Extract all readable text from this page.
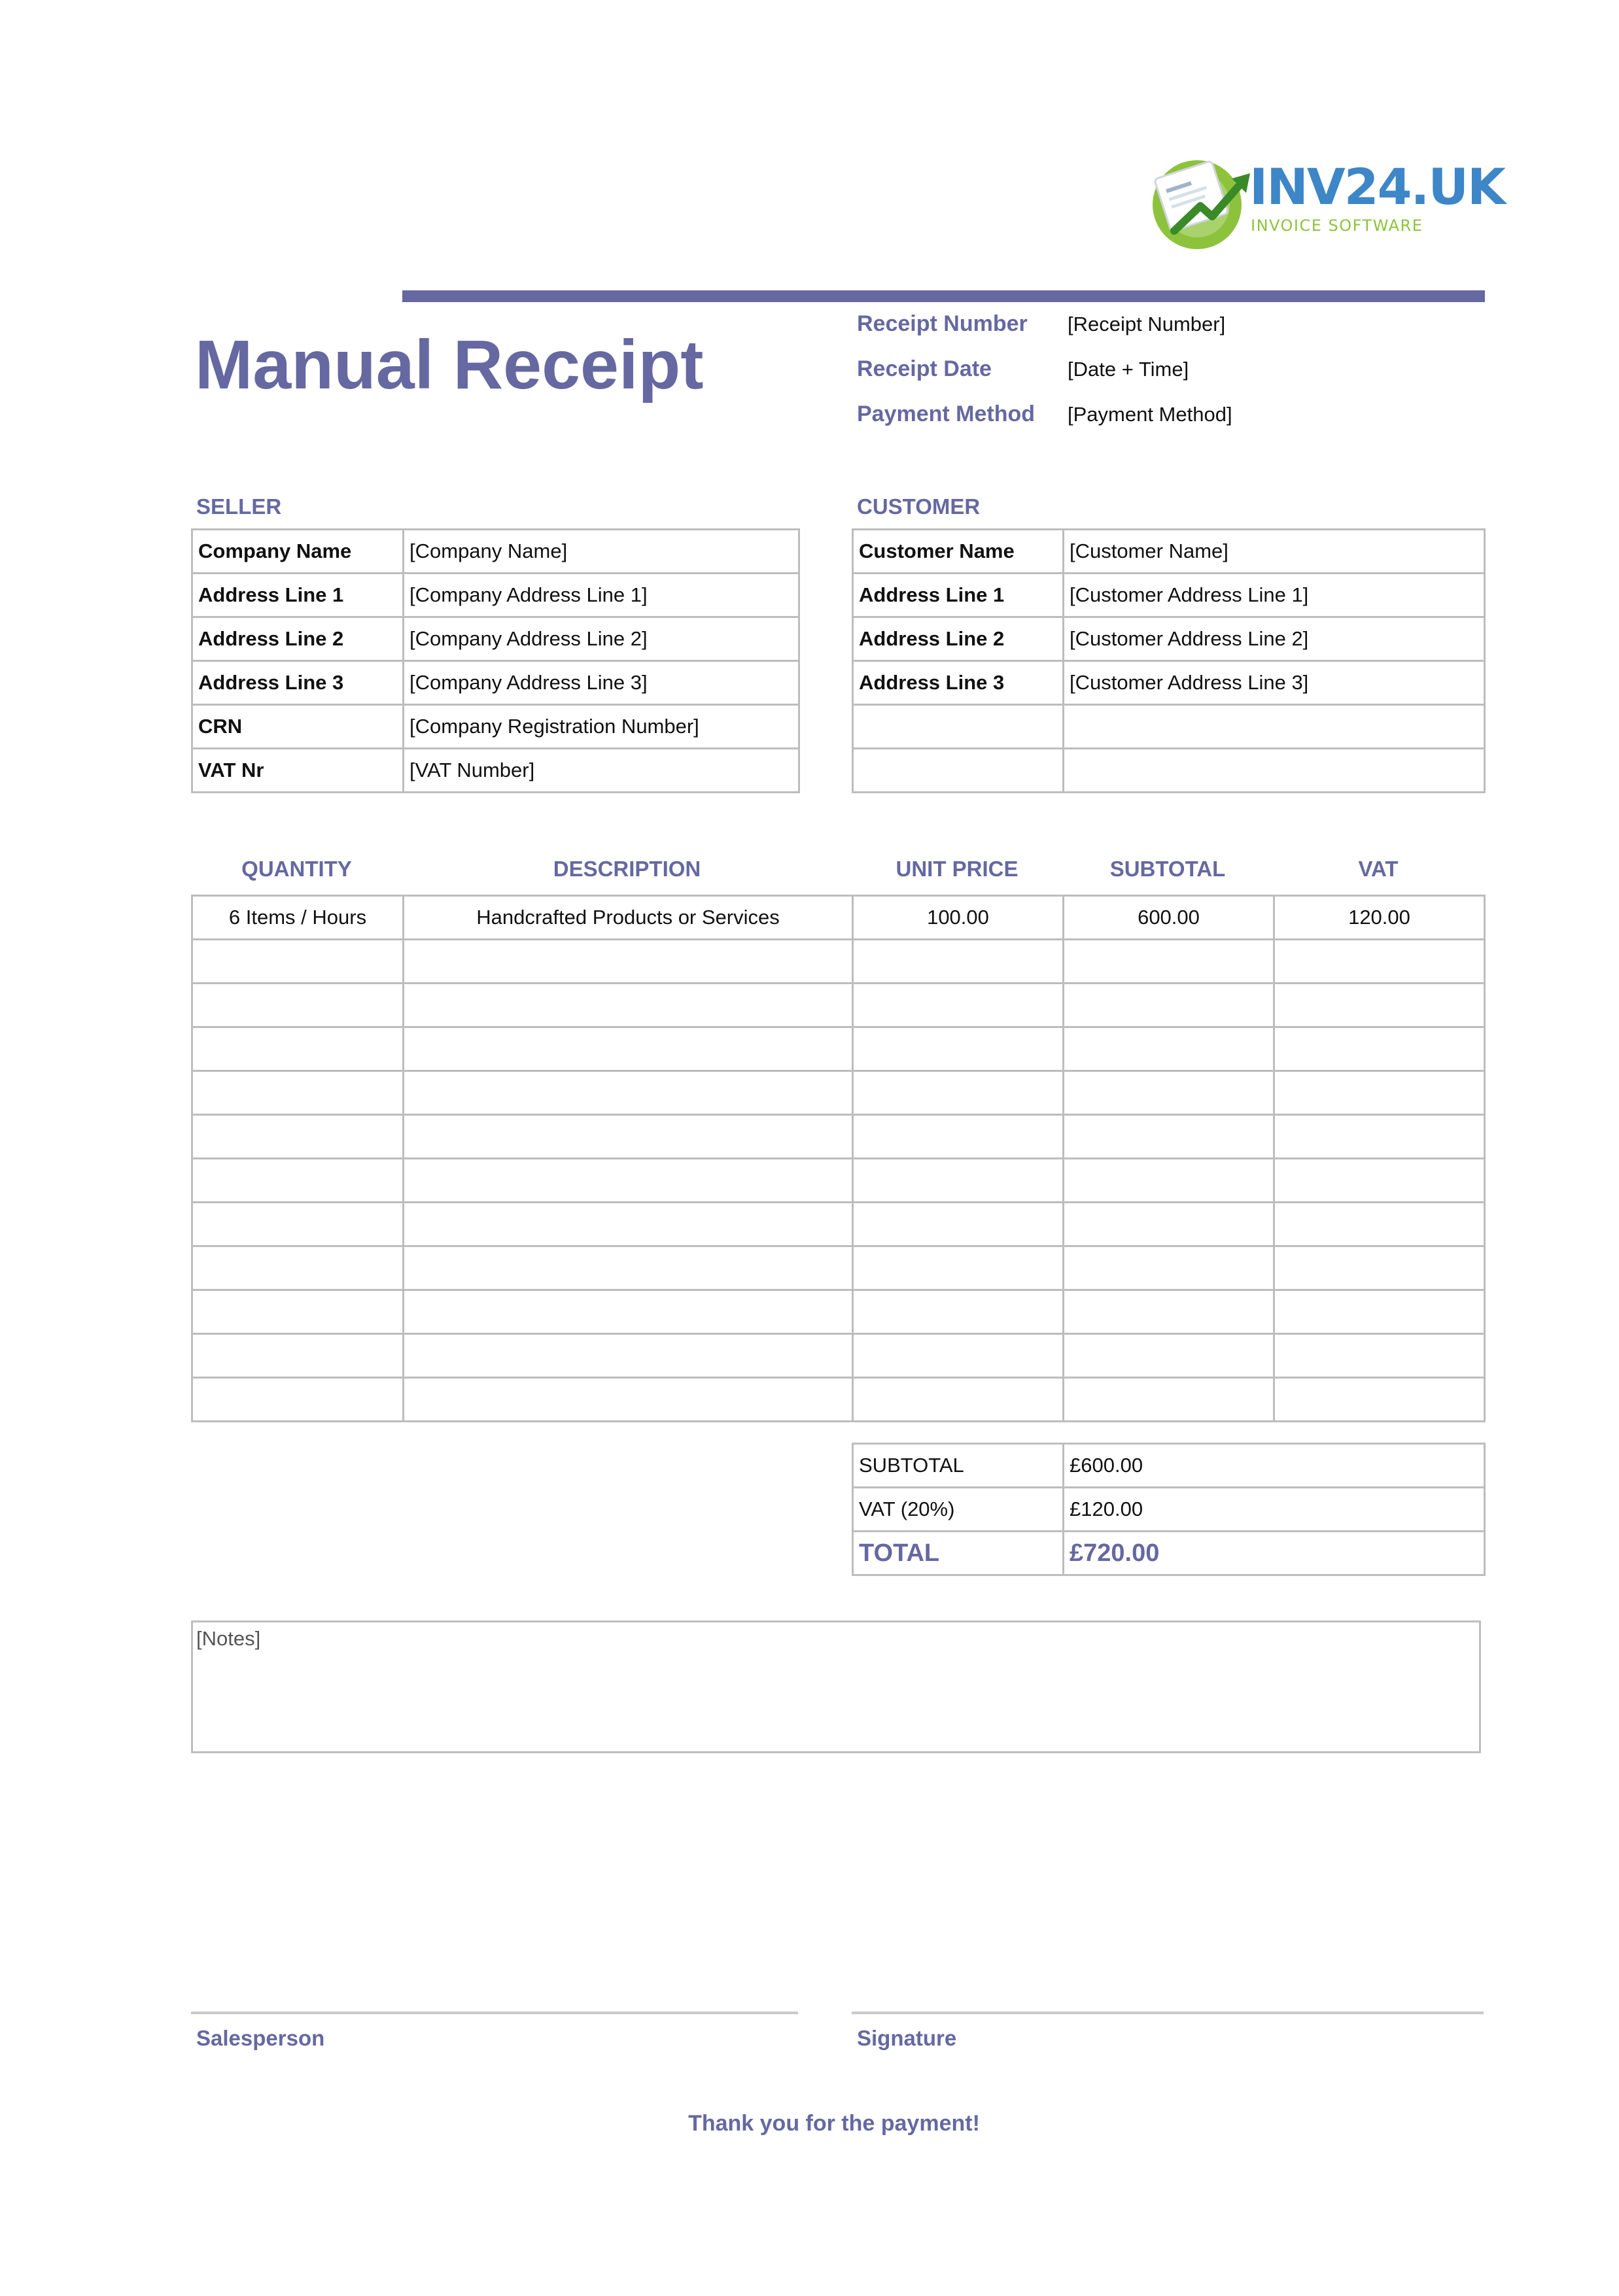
INV24.UK
INVOICE SOFTWARE
Manual Receipt
Receipt Number [Receipt Number]
Receipt Date	[Date + Time]
Payment Method [Payment Method]
SELLER
Company Name	[Company Name]
Address Line 1	[Company Address Line 1]
Address Line 2	[Company Address Line 2]
Address Line 3	[Company Address Line 3]
CRN	[Company Registration Number]
VAT Nr	[VAT Number]
CUSTOMER
Customer Name	[Customer Name]
Address Line 1	[Customer Address Line 1]
Address Line 2	[Customer Address Line 2]
Address Line 3	[Customer Address Line 3]

QUANTITY	DESCRIPTION	UNIT PRICE	SUBTOTAL	VAT
6 Items / Hours	Handcrafted Products or Services	100.00	600.00	120.00

SUBTOTAL	£600.00
VAT (20%)	£120.00
TOTAL	£720.00
[Notes]
Salesperson	Signature
Thank you for the payment!
